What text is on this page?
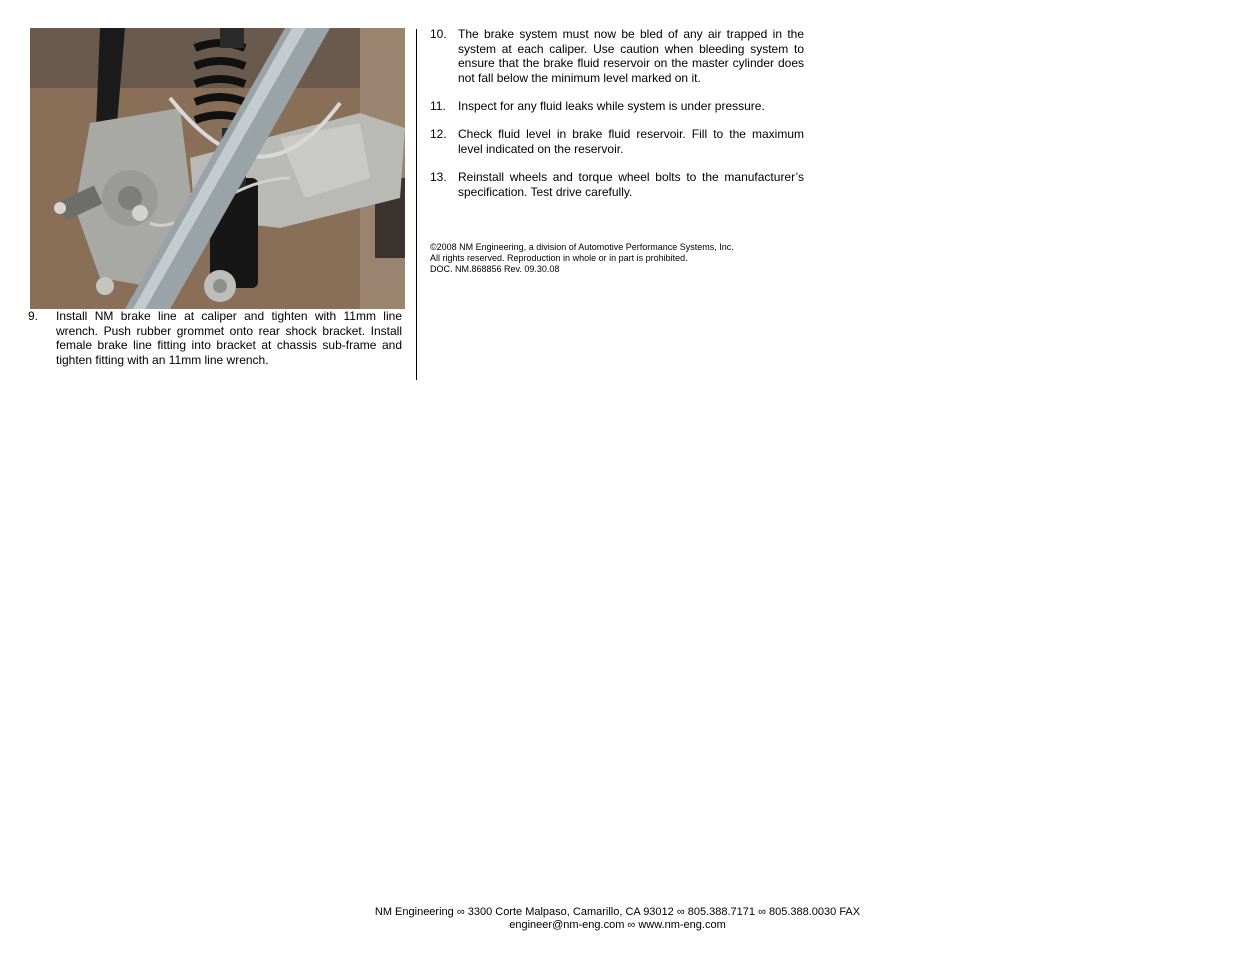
9. Install NM brake line at caliper and tighten with 11mm line wrench. Push rubber grommet onto rear shock bracket. Install female brake line fitting into bracket at chassis sub-frame and tighten fitting with an 11mm line wrench.
10. The brake system must now be bled of any air trapped in the system at each caliper. Use caution when bleeding system to ensure that the brake fluid reservoir on the master cylinder does not fall below the minimum level marked on it.
11. Inspect for any fluid leaks while system is under pressure.
12. Check fluid level in brake fluid reservoir. Fill to the maximum level indicated on the reservoir.
13. Reinstall wheels and torque wheel bolts to the manufacturer’s specification. Test drive carefully.
©2008 NM Engineering, a division of Automotive Performance Systems, Inc.
All rights reserved. Reproduction in whole or in part is prohibited.
DOC. NM.868856 Rev. 09.30.08
NM Engineering ∞ 3300 Corte Malpaso, Camarillo, CA 93012 ∞ 805.388.7171 ∞ 805.388.0030 FAX
engineer@nm-eng.com ∞ www.nm-eng.com
